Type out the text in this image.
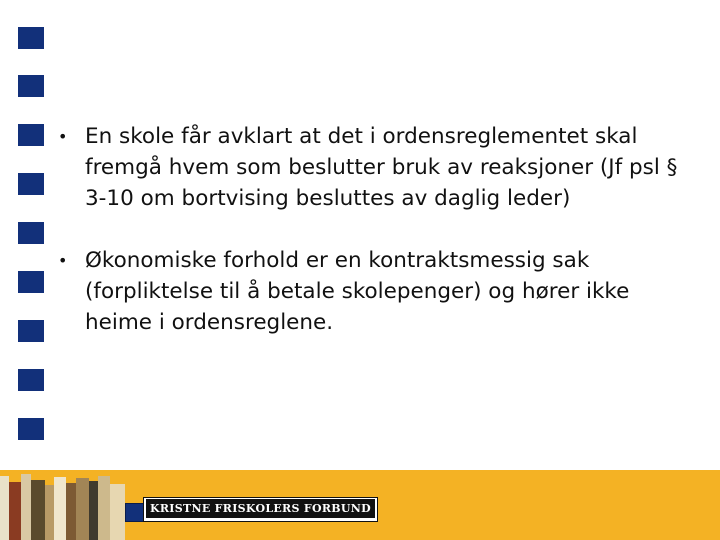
• En skole får avklart at det i ordensreglementet skal fremgå hvem som beslutter bruk av reaksjoner (Jf psl § 3-10 om bortvising besluttes av daglig leder)
• Økonomiske forhold er en kontraktsmessig sak (forpliktelse til å betale skolepenger) og hører ikke heime i ordensreglene.
KRISTNE FRISKOLERS FORBUND
